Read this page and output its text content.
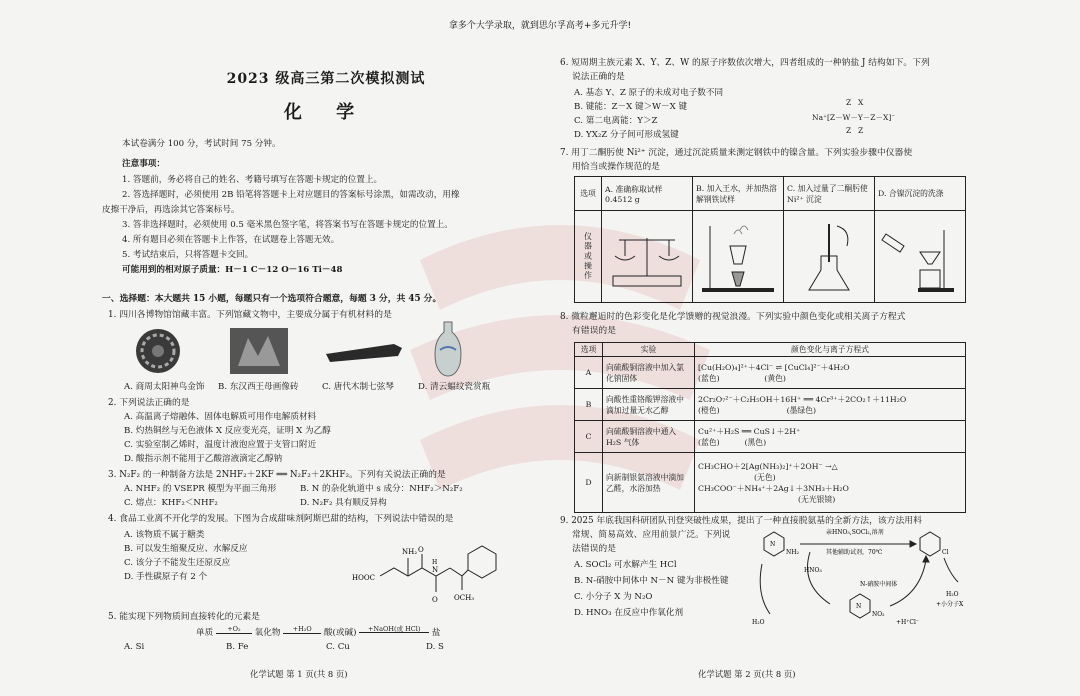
拿多个大学录取，就到思尔孚高考+多元升学!
2023 级高三第二次模拟测试
化 学
本试卷满分 100 分，考试时间 75 分钟。
注意事项：
1. 答题前，务必将自己的姓名、考籍号填写在答题卡规定的位置上。
2. 答选择题时，必须使用 2B 铅笔将答题卡上对应题目的答案标号涂黑，如需改动，用橡
皮擦干净后，再选涂其它答案标号。
3. 答非选择题时，必须使用 0.5 毫米黑色签字笔，将答案书写在答题卡规定的位置上。
4. 所有题目必须在答题卡上作答，在试题卷上答题无效。
5. 考试结束后，只将答题卡交回。
可能用到的相对原子质量：H－1 C－12 O－16 Ti－48
一、选择题：本大题共 15 小题，每题只有一个选项符合题意，每题 3 分，共 45 分。
1. 四川各博物馆馆藏丰富。下列馆藏文物中，主要成分属于有机材料的是
A. 商周太阳神鸟金饰 B. 东汉西王母画像砖	C. 唐代木制七弦琴	D. 清云蝠纹瓷赏瓶
2. 下列说法正确的是
A. 高温离子熔融体、固体电解质可用作电解质材料
B. 灼热铜丝与无色液体 X 反应变光亮，证明 X 为乙醇
C. 实验室制乙烯时，温度计液泡应置于支管口附近
D. 酸指示剂不能用于乙酸溶液滴定乙醇钠
3. N₂F₂ 的一种制备方法是 2NHF₂＋2KF ══ N₂F₂＋2KHF₂。下列有关说法正确的是
A. NHF₂ 的 VSEPR 模型为平面三角形	B. N 的杂化轨道中 s 成分：NHF₂＞N₂F₂
C. 熔点：KHF₂＜NHF₂	D. N₂F₂ 具有顺反异构
4. 食品工业离不开化学的发展。下图为合成甜味剂阿斯巴甜的结构，下列说法中错误的是
A. 该物质不属于糖类
B. 可以发生缩聚反应、水解反应
C. 该分子不能发生还原反应
D. 手性碳原子有 2 个
NH₂
HOOC
N
H
O
O OCH₃
5. 能实现下列物质间直接转化的元素是
单质 +O₂ 氧化物 +H₂O 酸(或碱) +NaOH(或 HCl) 盐
A. Si	B. Fe	C. Cu	D. S
化学试题 第 1 页(共 8 页)
6. 短周期主族元素 X、Y、Z、W 的原子序数依次增大，四者组成的一种钠盐 J 结构如下。下列
说法正确的是
A. 基态 Y、Z 原子的未成对电子数不同
B. 键能：Z－X 键＞W－X 键
C. 第二电离能：Y＞Z
D. YX₂Z 分子间可形成氢键
Z X
Na⁺[Z－W－Y－Z－X]⁻
Z Z
7. 用丁二酮肟使 Ni²⁺ 沉淀，通过沉淀质量来测定钢铁中的镍含量。下列实验步骤中仪器使
用恰当或操作规范的是
选项	A. 准确称取试样 0.4512 g	B. 加入王水，并加热溶解钢铁试样	C. 加入过量了二酮肟使 Ni²⁺ 沉淀	D. 合镍沉淀的洗涤
仪器或操作				
8. 微粒邂逅时的色彩变化是化学馈赠的视觉浪漫。下列实验中颜色变化或相关离子方程式
有错误的是
选项	实验	颜色变化与离子方程式
A	向硫酸铜溶液中加入氯化钠固体	[Cu(H₂O)₄]²⁺＋4Cl⁻ ⇌ [CuCl₄]²⁻＋4H₂O
(蓝色)                  (黄色)

B	向酸性重铬酸钾溶液中滴加过量无水乙醇	2Cr₂O₇²⁻＋C₂H₅OH＋16H⁺ ══ 4Cr³⁺＋2CO₂↑＋11H₂O
(橙色)                           (墨绿色)

C	向硫酸铜溶液中通入 H₂S 气体	Cu²⁺＋H₂S ══ CuS↓＋2H⁺
(蓝色)          (黑色)

D	向新制银氨溶液中滴加乙醛，水浴加热	CH₃CHO＋2[Ag(NH₃)₂]⁺＋2OH⁻ →△
(无色)
CH₃COO⁻＋NH₄⁺＋2Ag↓＋3NH₃＋H₂O
(无光银镜)
9. 2025 年底我国科研团队刊登突破性成果，提出了一种直接脱氨基的全新方法，该方法用料
常规、简易高效、应用前景广泛。下列说
法错误的是
A. SOCl₂ 可水解产生 HCl
B. N-硝胺中间体中 N－N 键为非极性键
C. 小分子 X 为 N₂O
D. HNO₃ 在反应中作氧化剂
亲HNO₃,SOCl₂,溶剂
其他辅助试剂，70℃
HNO₃
N-硝胺中间体
H₂O
H₂O
+小分子X
+H⁺Cl⁻
NH₂	Cl
N
N
NO₂
化学试题 第 2 页(共 8 页)
